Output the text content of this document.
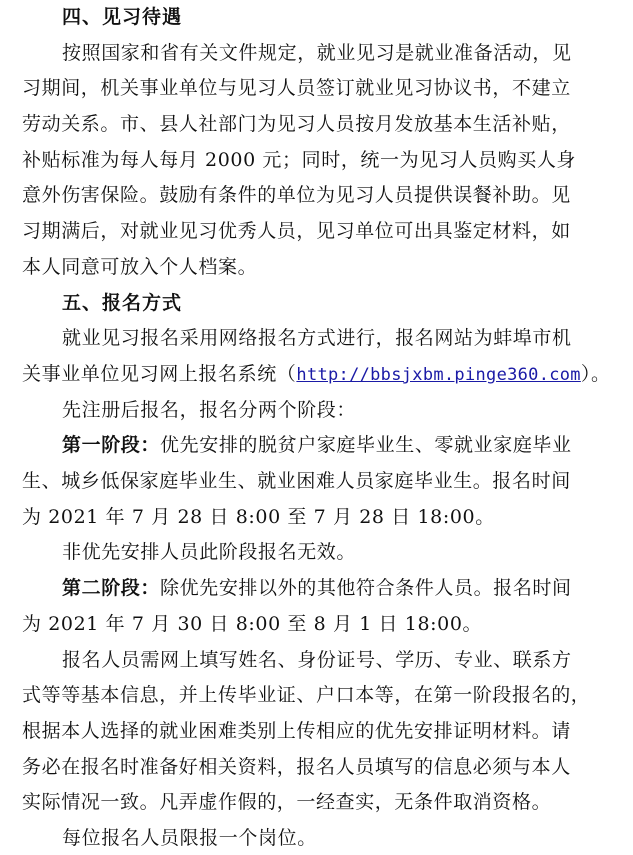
四、见习待遇
按照国家和省有关文件规定，就业见习是就业准备活动，见
习期间，机关事业单位与见习人员签订就业见习协议书，不建立
劳动关系。市、县人社部门为见习人员按月发放基本生活补贴，
补贴标准为每人每月 2000 元；同时，统一为见习人员购买人身
意外伤害保险。鼓励有条件的单位为见习人员提供误餐补助。见
习期满后，对就业见习优秀人员，见习单位可出具鉴定材料，如
本人同意可放入个人档案。
五、报名方式
就业见习报名采用网络报名方式进行，报名网站为蚌埠市机
关事业单位见习网上报名系统（http://bbsjxbm.pinge360.com）。
先注册后报名，报名分两个阶段：
第一阶段：优先安排的脱贫户家庭毕业生、零就业家庭毕业
生、城乡低保家庭毕业生、就业困难人员家庭毕业生。报名时间
为 2021 年 7 月 28 日 8:00 至 7 月 28 日 18:00。
非优先安排人员此阶段报名无效。
第二阶段：除优先安排以外的其他符合条件人员。报名时间
为 2021 年 7 月 30 日 8:00 至 8 月 1 日 18:00。
报名人员需网上填写姓名、身份证号、学历、专业、联系方
式等等基本信息，并上传毕业证、户口本等，在第一阶段报名的，
根据本人选择的就业困难类别上传相应的优先安排证明材料。请
务必在报名时准备好相关资料，报名人员填写的信息必须与本人
实际情况一致。凡弄虚作假的，一经查实，无条件取消资格。
每位报名人员限报一个岗位。
